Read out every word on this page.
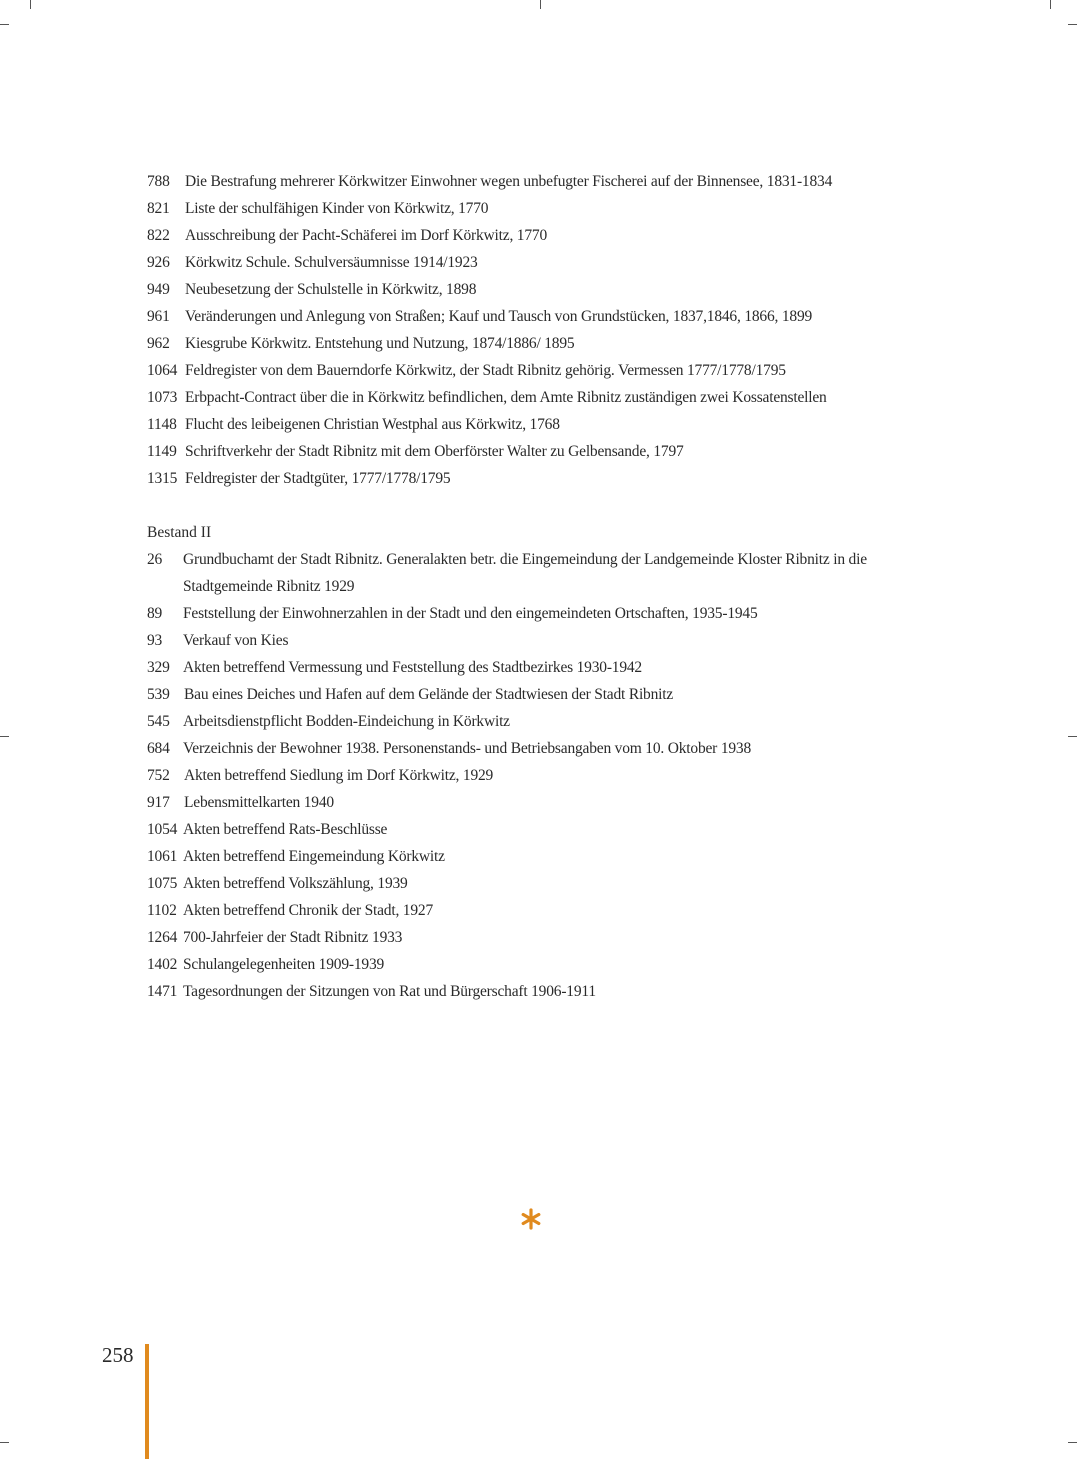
788 Die Bestrafung mehrerer Körkwitzer Einwohner wegen unbefugter Fischerei auf der Binnensee, 1831-1834
821 Liste der schulfähigen Kinder von Körkwitz, 1770
822 Ausschreibung der Pacht-Schäferei im Dorf Körkwitz, 1770
926 Körkwitz Schule. Schulversäumnisse 1914/1923
949 Neubesetzung der Schulstelle in Körkwitz, 1898
961 Veränderungen und Anlegung von Straßen; Kauf und Tausch von Grundstücken, 1837,1846, 1866, 1899
962 Kiesgrube Körkwitz. Entstehung und Nutzung, 1874/1886/ 1895
1064 Feldregister von dem Bauerndorfe Körkwitz, der Stadt Ribnitz gehörig. Vermessen 1777/1778/1795
1073 Erbpacht-Contract über die in Körkwitz befindlichen, dem Amte Ribnitz zuständigen zwei Kossatenstellen
1148 Flucht des leibeigenen Christian Westphal aus Körkwitz, 1768
1149 Schriftverkehr der Stadt Ribnitz mit dem Oberförster Walter zu Gelbensande, 1797
1315 Feldregister der Stadtgüter, 1777/1778/1795
Bestand II
26	Grundbuchamt der Stadt Ribnitz. Generalakten betr. die Eingemeindung der Landgemeinde Kloster Ribnitz in die Stadtgemeinde Ribnitz 1929
89	Feststellung der Einwohnerzahlen in der Stadt und den eingemeindeten Ortschaften, 1935-1945
93	Verkauf von Kies
329 Akten betreffend Vermessung und Feststellung des Stadtbezirkes 1930-1942
539 Bau eines Deiches und Hafen auf dem Gelände der Stadtwiesen der Stadt Ribnitz
545 Arbeitsdienstpflicht Bodden-Eindeichung in Körkwitz
684 Verzeichnis der Bewohner 1938. Personenstands- und Betriebsangaben vom 10. Oktober 1938
752 Akten betreffend Siedlung im Dorf Körkwitz, 1929
917 Lebensmittelkarten 1940
1054 Akten betreffend Rats-Beschlüsse
1061 Akten betreffend Eingemeindung Körkwitz
1075 Akten betreffend Volkszählung, 1939
1102 Akten betreffend Chronik der Stadt, 1927
1264 700-Jahrfeier der Stadt Ribnitz 1933
1402 Schulangelegenheiten 1909-1939
1471 Tagesordnungen der Sitzungen von Rat und Bürgerschaft 1906-1911
258
